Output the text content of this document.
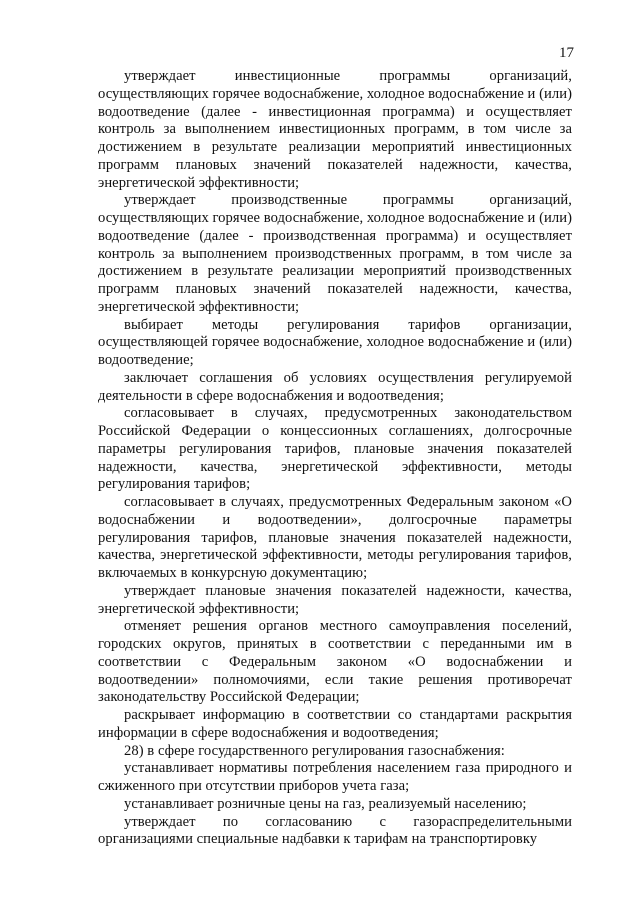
17

утверждает инвестиционные программы организаций, осуществляющих горячее водоснабжение, холодное водоснабжение и (или) водоотведение (далее - инвестиционная программа) и осуществляет контроль за выполнением инвестиционных программ, в том числе за достижением в результате реализации мероприятий инвестиционных программ плановых значений показателей надежности, качества, энергетической эффективности;

утверждает производственные программы организаций, осуществляющих горячее водоснабжение, холодное водоснабжение и (или) водоотведение (далее - производственная программа) и осуществляет контроль за выполнением производственных программ, в том числе за достижением в результате реализации мероприятий производственных программ плановых значений показателей надежности, качества, энергетической эффективности;

выбирает методы регулирования тарифов организации, осуществляющей горячее водоснабжение, холодное водоснабжение и (или) водоотведение;

заключает соглашения об условиях осуществления регулируемой деятельности в сфере водоснабжения и водоотведения;

согласовывает в случаях, предусмотренных законодательством Российской Федерации о концессионных соглашениях, долгосрочные параметры регулирования тарифов, плановые значения показателей надежности, качества, энергетической эффективности, методы регулирования тарифов;

согласовывает в случаях, предусмотренных Федеральным законом «О водоснабжении и водоотведении», долгосрочные параметры регулирования тарифов, плановые значения показателей надежности, качества, энергетической эффективности, методы регулирования тарифов, включаемых в конкурсную документацию;

утверждает плановые значения показателей надежности, качества, энергетической эффективности;

отменяет решения органов местного самоуправления поселений, городских округов, принятых в соответствии с переданными им в соответствии с Федеральным законом «О водоснабжении и водоотведении» полномочиями, если такие решения противоречат законодательству Российской Федерации;

раскрывает информацию в соответствии со стандартами раскрытия информации в сфере водоснабжения и водоотведения;

28) в сфере государственного регулирования газоснабжения:

устанавливает нормативы потребления населением газа природного и сжиженного при отсутствии приборов учета газа;

устанавливает розничные цены на газ, реализуемый населению;

утверждает по согласованию с газораспределительными организациями специальные надбавки к тарифам на транспортировку
